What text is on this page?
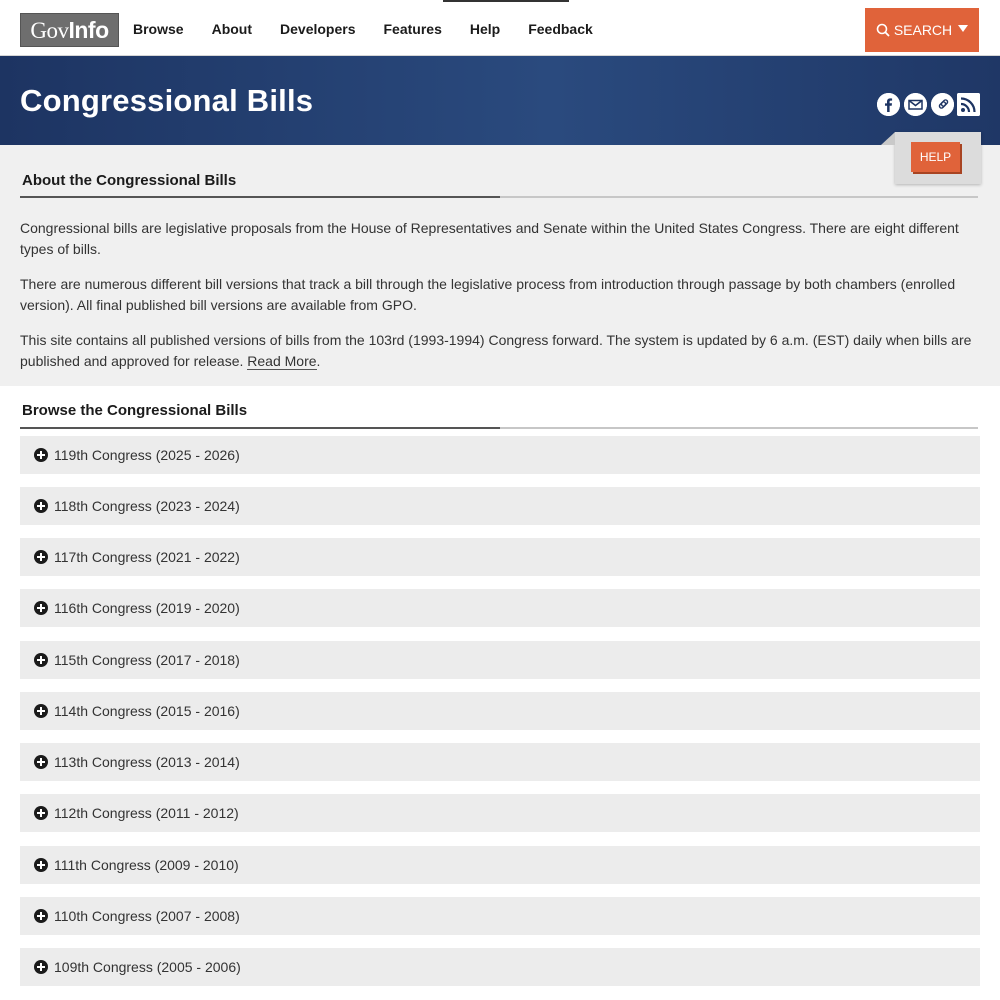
GovInfo Browse About Developers Features Help Feedback	SEARCH
Congressional Bills
HELP
About the Congressional Bills

Congressional bills are legislative proposals from the House of Representatives and Senate within the United States Congress. There are eight different types of bills.

There are numerous different bill versions that track a bill through the legislative process from introduction through passage by both chambers (enrolled version). All final published bill versions are available from GPO.

This site contains all published versions of bills from the 103rd (1993-1994) Congress forward. The system is updated by 6 a.m. (EST) daily when bills are published and approved for release. Read More.

Browse the Congressional Bills
119th Congress (2025 - 2026)
118th Congress (2023 - 2024)
117th Congress (2021 - 2022)
116th Congress (2019 - 2020)
115th Congress (2017 - 2018)
114th Congress (2015 - 2016)
113th Congress (2013 - 2014)
112th Congress (2011 - 2012)
111th Congress (2009 - 2010)
110th Congress (2007 - 2008)
109th Congress (2005 - 2006)
